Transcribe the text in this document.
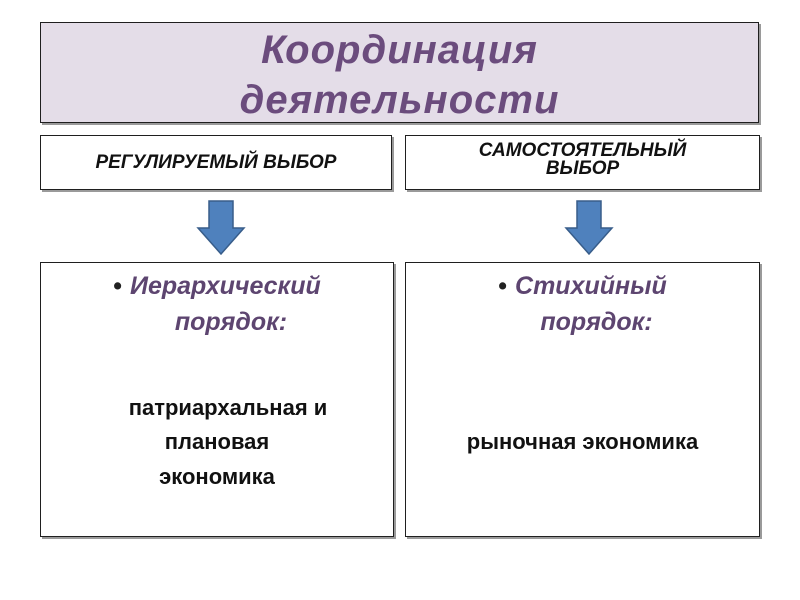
Координация
деятельности
РЕГУЛИРУЕМЫЙ ВЫБОР
САМОСТОЯТЕЛЬНЫЙ
ВЫБОР
• Иерархический
порядок:
патриархальная и
плановая
экономика
• Стихийный
порядок:
рыночная экономика
